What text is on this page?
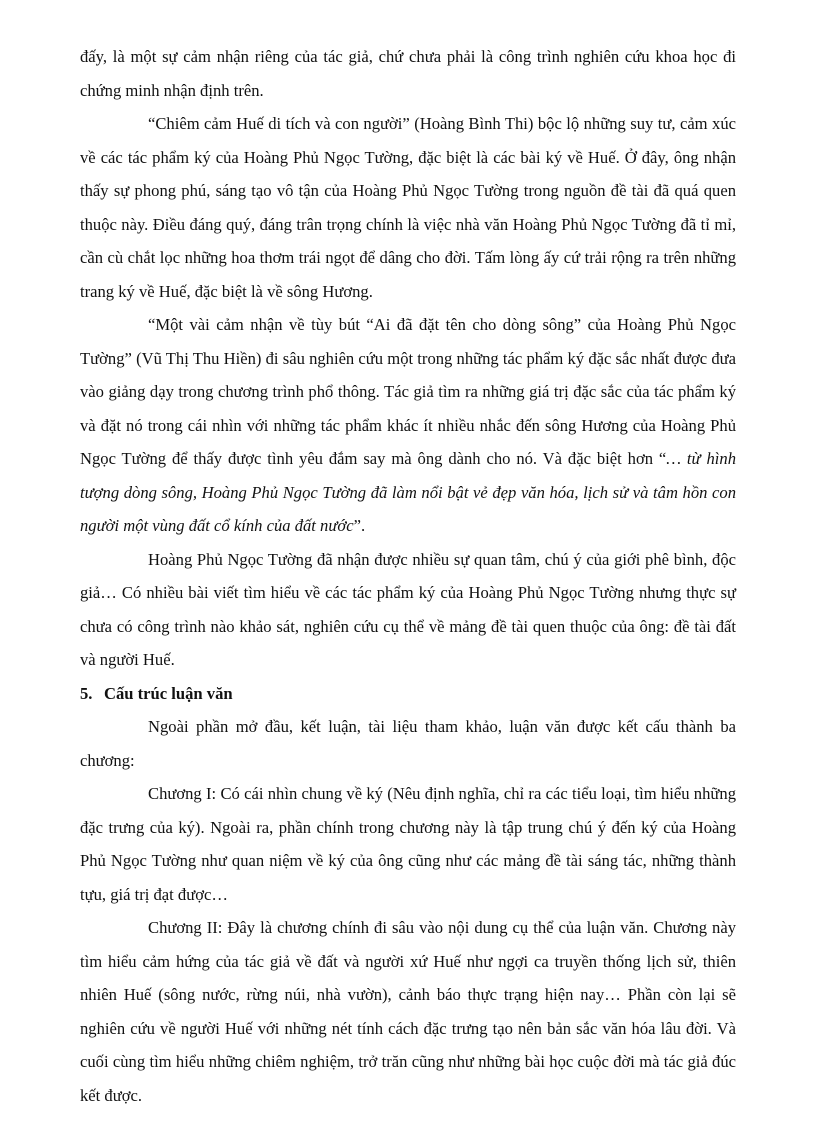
đấy, là một sự cảm nhận riêng của tác giả, chứ chưa phải là công trình nghiên cứu khoa học đi chứng minh nhận định trên.

“Chiêm cảm Huế di tích và con người” (Hoàng Bình Thi) bộc lộ những suy tư, cảm xúc về các tác phẩm ký của Hoàng Phủ Ngọc Tường, đặc biệt là các bài ký về Huế. Ở đây, ông nhận thấy sự phong phú, sáng tạo vô tận của Hoàng Phủ Ngọc Tường trong nguồn đề tài đã quá quen thuộc này. Điều đáng quý, đáng trân trọng chính là việc nhà văn Hoàng Phủ Ngọc Tường đã tỉ mỉ, cần cù chắt lọc những hoa thơm trái ngọt để dâng cho đời. Tấm lòng ấy cứ trải rộng ra trên những trang ký về Huế, đặc biệt là về sông Hương.

“Một vài cảm nhận về tùy bút “Ai đã đặt tên cho dòng sông” của Hoàng Phủ Ngọc Tường” (Vũ Thị Thu Hiền) đi sâu nghiên cứu một trong những tác phẩm ký đặc sắc nhất được đưa vào giảng dạy trong chương trình phổ thông. Tác giả tìm ra những giá trị đặc sắc của tác phẩm ký và đặt nó trong cái nhìn với những tác phẩm khác ít nhiều nhắc đến sông Hương của Hoàng Phủ Ngọc Tường để thấy được tình yêu đắm say mà ông dành cho nó. Và đặc biệt hơn “… từ hình tượng dòng sông, Hoàng Phủ Ngọc Tường đã làm nổi bật vẻ đẹp văn hóa, lịch sử và tâm hồn con người một vùng đất cổ kính của đất nước”.

Hoàng Phủ Ngọc Tường đã nhận được nhiều sự quan tâm, chú ý của giới phê bình, độc giả… Có nhiều bài viết tìm hiểu về các tác phẩm ký của Hoàng Phủ Ngọc Tường nhưng thực sự chưa có công trình nào khảo sát, nghiên cứu cụ thể về mảng đề tài quen thuộc của ông: đề tài đất và người Huế.

5. Cấu trúc luận văn

Ngoài phần mở đầu, kết luận, tài liệu tham khảo, luận văn được kết cấu thành ba chương:

Chương I: Có cái nhìn chung về ký (Nêu định nghĩa, chỉ ra các tiểu loại, tìm hiểu những đặc trưng của ký). Ngoài ra, phần chính trong chương này là tập trung chú ý đến ký của Hoàng Phủ Ngọc Tường như quan niệm về ký của ông cũng như các mảng đề tài sáng tác, những thành tựu, giá trị đạt được…

Chương II: Đây là chương chính đi sâu vào nội dung cụ thể của luận văn. Chương này tìm hiểu cảm hứng của tác giả về đất và người xứ Huế như ngợi ca truyền thống lịch sử, thiên nhiên Huế (sông nước, rừng núi, nhà vườn), cảnh báo thực trạng hiện nay… Phần còn lại sẽ nghiên cứu về người Huế với những nét tính cách đặc trưng tạo nên bản sắc văn hóa lâu đời. Và cuối cùng tìm hiểu những chiêm nghiệm, trở trăn cũng như những bài học cuộc đời mà tác giả đúc kết được.
